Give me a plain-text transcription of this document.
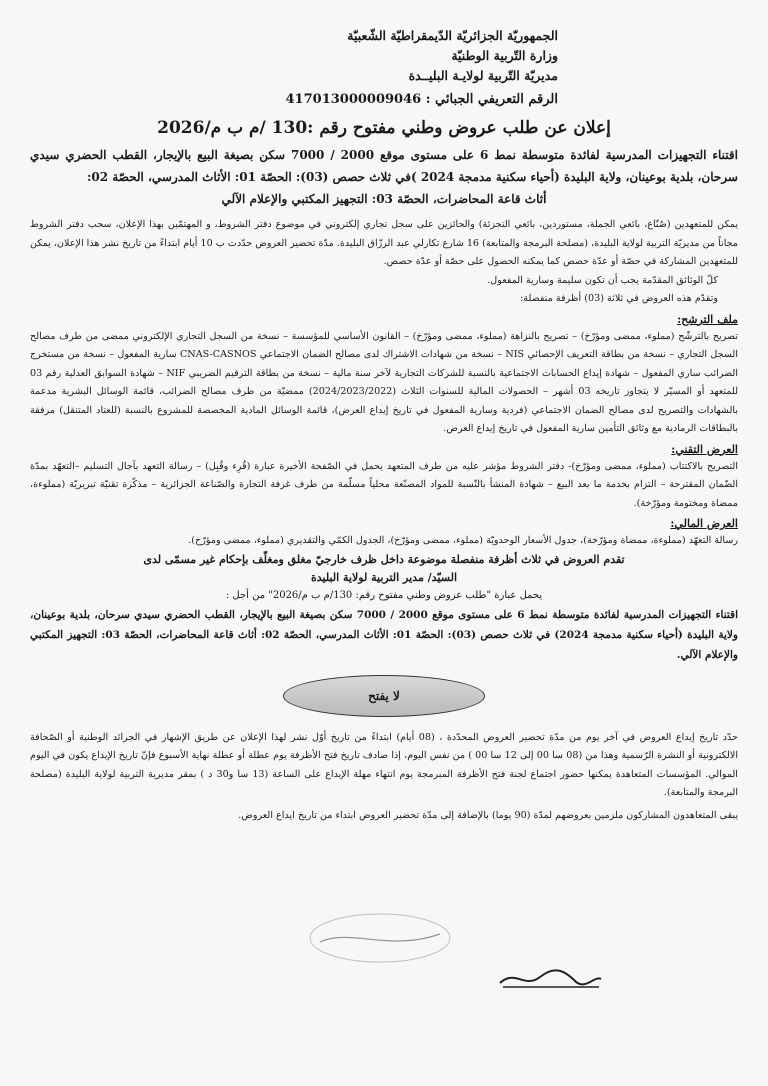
الجمهوريّة الجزائريّة الدّيمقراطيّة الشّعبيّة
وزارة التّربية الوطنيّة
مديريّة التّربية لولايـة البليــدة
الرقم التعريفي الجبائي : 417013000009046
إعلان عن طلب عروض وطني مفتوح رقم :130 /م ب م/2026
اقتناء التجهيزات المدرسية لفائدة متوسطة نمط 6 على مستوى موقع 2000 / 7000 سكن بصيغة البيع بالإيجار، القطب الحضري سيدي سرحان، بلدية بوعينان، ولاية البليدة (أحياء سكنية مدمجة 2024 )في ثلاث حصص (03): الحصّة 01: الأثاث المدرسي، الحصّة 02:
أثاث قاعة المحاضرات، الحصّة 03: التجهيز المكتبي والإعلام الآلي

يمكن للمتعهدين (صُنّاع، بائعي الجملة، مستوردين، بائعي التجزئة) والحائزين على سجل تجاري إلكتروني في موضوع دفتر الشروط، و المهتمّين بهذا الإعلان، سحب دفتر الشروط مجاناً من مديريّة التربية لولاية البليدة، (مصلحة البرمجة والمتابعة) 16 شارع تكارلي عبد الرزّاق البليدة. مدّة تحضير العروض حدّدت ب 10 أيام ابتداءً من تاريخ نشر هذا الإعلان، يمكن للمتعهدين المشاركة في حصّة أو عدّة حصص كما يمكنه الحصول على حصّة أو عدّة حصص.

كلّ الوثائق المقدّمة يجب أن تكون سليمة وسارية المفعول.

وتقدّم هذه العروض في ثلاثة (03) أظرفة منفصلة:

ملف الترشح:

تصريح بالترشّح (مملوء، ممضى ومؤرّخ) – تصريح بالنزاهة (مملوء، ممضى ومؤرّخ) – القانون الأساسي للمؤسسة – نسخة من السجل التجاري الإلكتروني ممضى من طرف مصالح السجل التجاري – نسخة من بطاقة التعريف الإحصائي NIS – نسخة من شهادات الاشتراك لدى مصالح الضمان الاجتماعي CNAS-CASNOS سارية المفعول – نسخة من مستخرج الضرائب ساري المفعول – شهادة إيداع الحسابات الاجتماعية بالنسبة للشركات التجارية لآخر سنة مالية – نسخة من بطاقة الترقيم الضريبي NIF – شهادة السوابق العدلية رقم 03 للمتعهد أو المسيّر لا يتجاوز تاريخه 03 أشهر – الحصولات المالية للسنوات الثلاث (2024/2023/2022) ممضيّة من طرف مصالح الضرائب، قائمة الوسائل البشرية مدعمة بالشهادات والتصريح لدى مصالح الضمان الاجتماعي (فردية وسارية المفعول في تاريخ إيداع العرض)، قائمة الوسائل المادية المخصصة للمشروع بالنسبة (للعتاد المتنقل) مرفقة بالبطاقات الرمادية مع وثائق التأمين سارية المفعول في تاريخ إيداع العرض.

العرض التقني:

التصريح بالاكتتاب (مملوء، ممضى ومؤرّخ)- دفتر الشروط مؤشر عليه من طرف المتعهد يحمل في الصّفحة الأخيرة عبارة (قُرِء وقُبِل) – رسالة التعهد بآجال التسليم –التعهّد بمدّة الضّمان المقترحة – التزام بخدمة ما بعد البيع – شهادة المنشأ بالنّسبة للمواد المصنّعة محلياً مسلّمة من طرف غرفة التجارة والصّناعة الجزائرية – مذكّرة تقنيّة تبريريّة (مملوءة، ممضاة ومختومة ومؤرّخة).

العرض المالي:

رسالة التعهّد (مملوءة، ممضاة ومؤرّخة)، جدول الأسعار الوحدويّة (مملوء، ممضى ومؤرّخ)، الجدول الكمّي والتقديري (مملوء، ممضى ومؤرّخ).

تقدم العروض في ثلاث أظرفة منفصلة موضوعة داخل ظرف خارجيّ مغلق ومغلّف بإحكام غير مسمّى لدى
السيّد/ مدير التربية لولاية البليدة
يحمل عبارة "طلب عروض وطني مفتوح رقم: 130/م ب م/2026" من أجل :
اقتناء التجهيزات المدرسية لفائدة متوسطة نمط 6 على مستوى موقع 2000 / 7000 سكن بصيغة البيع بالإيجار، القطب الحضري سيدي سرحان، بلدية بوعينان، ولاية البليدة (أحياء سكنية مدمجة 2024) في ثلاث حصص (03): الحصّة 01: الأثاث المدرسي، الحصّة 02: أثاث قاعة المحاضرات، الحصّة 03: التجهيز المكتبي والإعلام الآلي.
لا يفتح

حدّد تاريخ إيداع العروض في آخر يوم من مدّة تحضير العروض المحدّدة ، (08 أيام) ابتداءً من تاريخ أوّل نشر لهذا الإعلان عن طريق الإشهار في الجرائد الوطنية أو الصّحافة الالكترونية أو النشرة الرّسمية وهذا من (08 سا 00 إلى 12 سا 00 ) من نفس اليوم، إذا صادف تاريخ فتح الأظرفة يوم عطلة أو عطلة نهاية الأسبوع فإنّ تاريخ الإيداع يكون في اليوم الموالي. المؤسسات المتعاهدة يمكنها حضور اجتماع لجنة فتح الأظرفة المبرمجة يوم انتهاء مهلة الإيداع على الساعة (13 سا و30 د ) بمقر مديرية التربية لولاية البليدة (مصلحة البرمجة والمتابعة).

يبقى المتعاهدون المشاركون ملزمين بعروضهم لمدّة (90 يوما) بالإضافة إلى مدّة تحضير العروض ابتداء من تاريخ ايداع العروض.
